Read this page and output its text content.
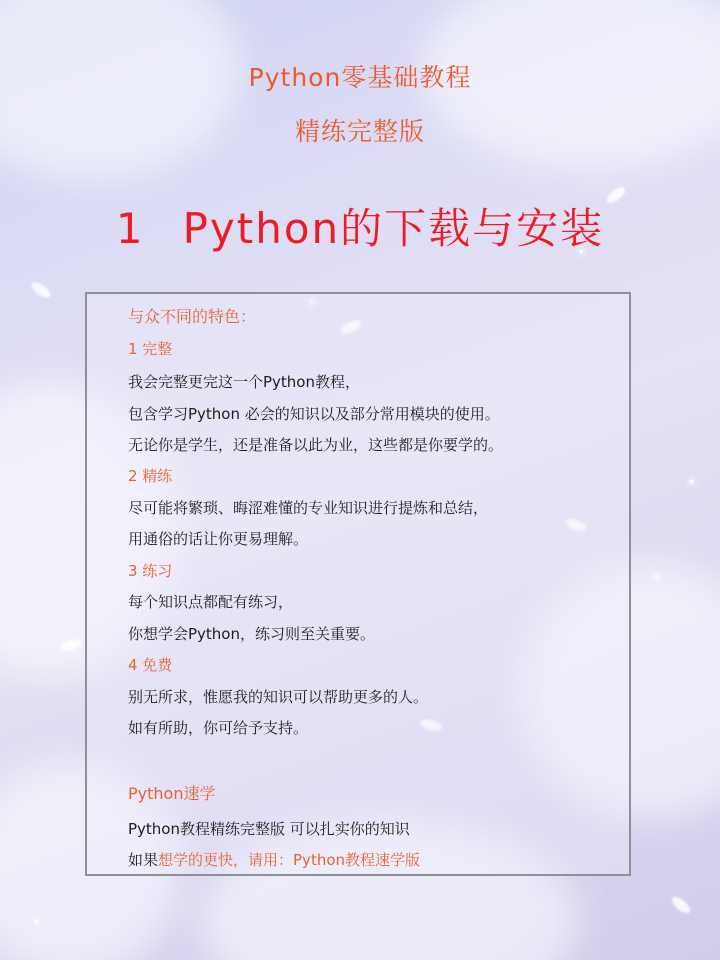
Python零基础教程
精练完整版
1 Python的下载与安装
与众不同的特色：
1 完整
我会完整更完这一个Python教程，
包含学习Python 必会的知识以及部分常用模块的使用。
无论你是学生，还是准备以此为业，这些都是你要学的。
2 精练
尽可能将繁琐、晦涩难懂的专业知识进行提炼和总结，
用通俗的话让你更易理解。
3 练习
每个知识点都配有练习，
你想学会Python，练习则至关重要。
4 免费
别无所求，惟愿我的知识可以帮助更多的人。
如有所助，你可给予支持。
Python速学
Python教程精练完整版 可以扎实你的知识
如果想学的更快，请用：Python教程速学版
